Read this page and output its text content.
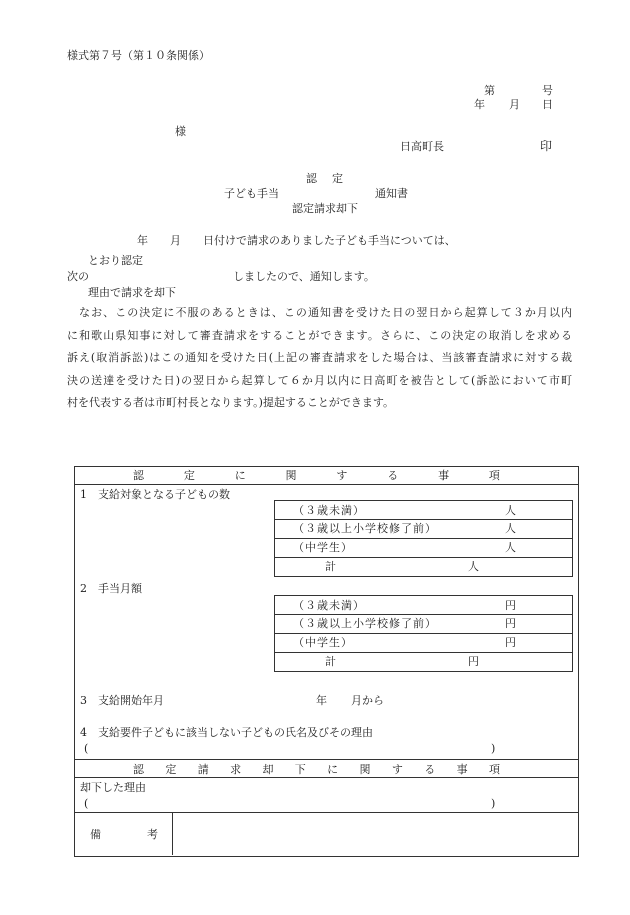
様式第７号（第１０条関係）
第	号
年 月 日
様
日高町長	印
認　定
子ども手当	通知書
認定請求却下
年　　月　　日付けで請求のありました子ども手当については、
とおり認定
次の	しましたので、通知します。
理由で請求を却下
　なお、この決定に不服のあるときは、この通知書を受けた日の翌日から起算して３か月以内
に和歌山県知事に対して審査請求をすることができます。さらに、この決定の取消しを求める
訴え(取消訴訟)はこの通知を受けた日(上記の審査請求をした場合は、当該審査請求に対する裁
決の送達を受けた日)の翌日から起算して６か月以内に日高町を被告として(訴訟において市町
村を代表する者は市町村長となります。)提起することができます。
認	定	に	関	す	る	事	項
1　支給対象となる子どもの数
（３歳未満）	人
（３歳以上小学校修了前）	人
（中学生）	人
計	人
2　手当月額
（３歳未満）	円
（３歳以上小学校修了前）	円
（中学生）	円
計	円
3　支給開始年月	年 月から
4　支給要件子どもに該当しない子どもの氏名及びその理由
(	)
認 定 請 求 却 下 に 関 す る 事 項
却下した理由
(	)
備	考
